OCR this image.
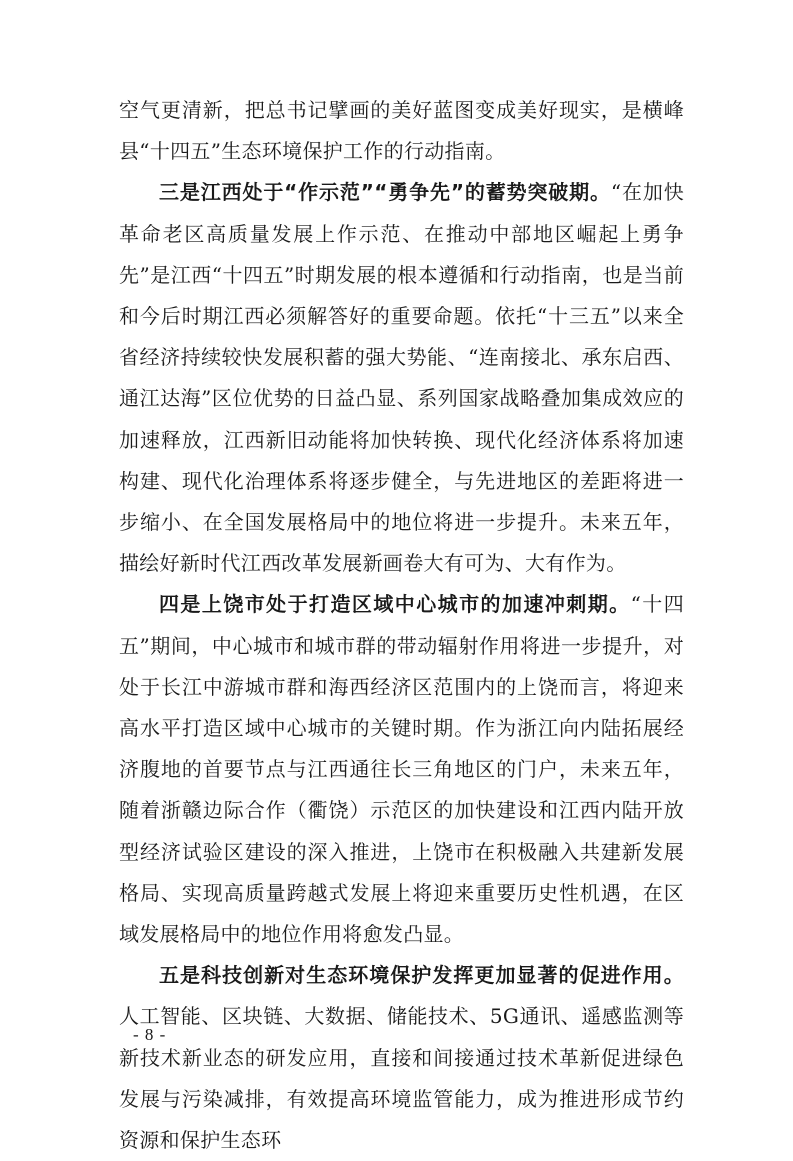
空气更清新，把总书记擘画的美好蓝图变成美好现实，是横峰县“十四五”生态环境保护工作的行动指南。

三是江西处于“作示范”“勇争先”的蓄势突破期。“在加快革命老区高质量发展上作示范、在推动中部地区崛起上勇争先”是江西“十四五”时期发展的根本遵循和行动指南，也是当前和今后时期江西必须解答好的重要命题。依托“十三五”以来全省经济持续较快发展积蓄的强大势能、“连南接北、承东启西、通江达海”区位优势的日益凸显、系列国家战略叠加集成效应的加速释放，江西新旧动能将加快转换、现代化经济体系将加速构建、现代化治理体系将逐步健全，与先进地区的差距将进一步缩小、在全国发展格局中的地位将进一步提升。未来五年，描绘好新时代江西改革发展新画卷大有可为、大有作为。

四是上饶市处于打造区域中心城市的加速冲刺期。“十四五”期间，中心城市和城市群的带动辐射作用将进一步提升，对处于长江中游城市群和海西经济区范围内的上饶而言，将迎来高水平打造区域中心城市的关键时期。作为浙江向内陆拓展经济腹地的首要节点与江西通往长三角地区的门户，未来五年，随着浙赣边际合作（衢饶）示范区的加快建设和江西内陆开放型经济试验区建设的深入推进，上饶市在积极融入共建新发展格局、实现高质量跨越式发展上将迎来重要历史性机遇，在区域发展格局中的地位作用将愈发凸显。

五是科技创新对生态环境保护发挥更加显著的促进作用。人工智能、区块链、大数据、储能技术、5G通讯、遥感监测等新技术新业态的研发应用，直接和间接通过技术革新促进绿色发展与污染减排，有效提高环境监管能力，成为推进形成节约资源和保护生态环

- 8 -
